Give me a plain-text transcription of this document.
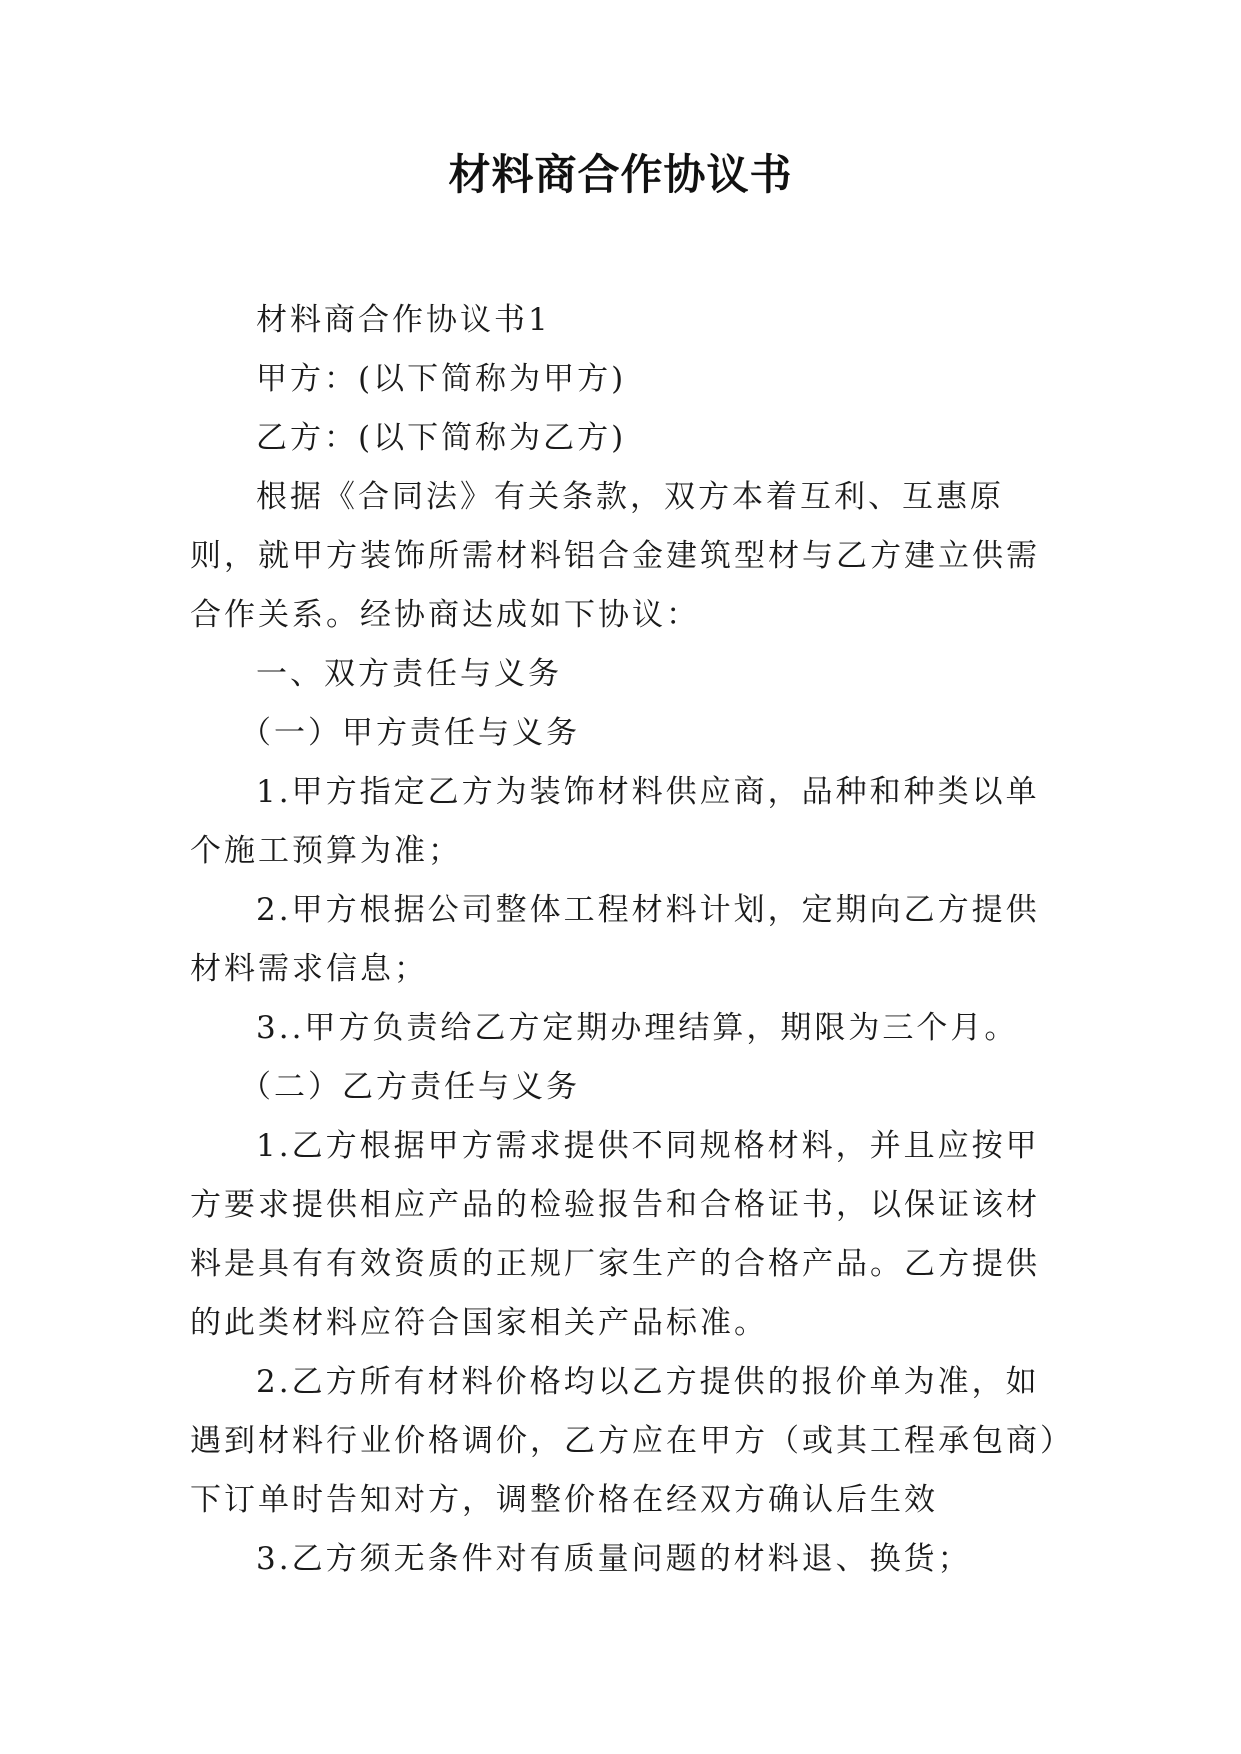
材料商合作协议书

材料商合作协议书1

甲方：(以下简称为甲方)

乙方：(以下简称为乙方)

根据《合同法》有关条款，双方本着互利、互惠原则，就甲方装饰所需材料铝合金建筑型材与乙方建立供需合作关系。经协商达成如下协议：

一、双方责任与义务

（一）甲方责任与义务

1.甲方指定乙方为装饰材料供应商，品种和种类以单个施工预算为准；

2.甲方根据公司整体工程材料计划，定期向乙方提供材料需求信息；

3..甲方负责给乙方定期办理结算，期限为三个月。

（二）乙方责任与义务

1.乙方根据甲方需求提供不同规格材料，并且应按甲方要求提供相应产品的检验报告和合格证书，以保证该材料是具有有效资质的正规厂家生产的合格产品。乙方提供的此类材料应符合国家相关产品标准。

2.乙方所有材料价格均以乙方提供的报价单为准，如遇到材料行业价格调价，乙方应在甲方（或其工程承包商）下订单时告知对方，调整价格在经双方确认后生效

3.乙方须无条件对有质量问题的材料退、换货；
